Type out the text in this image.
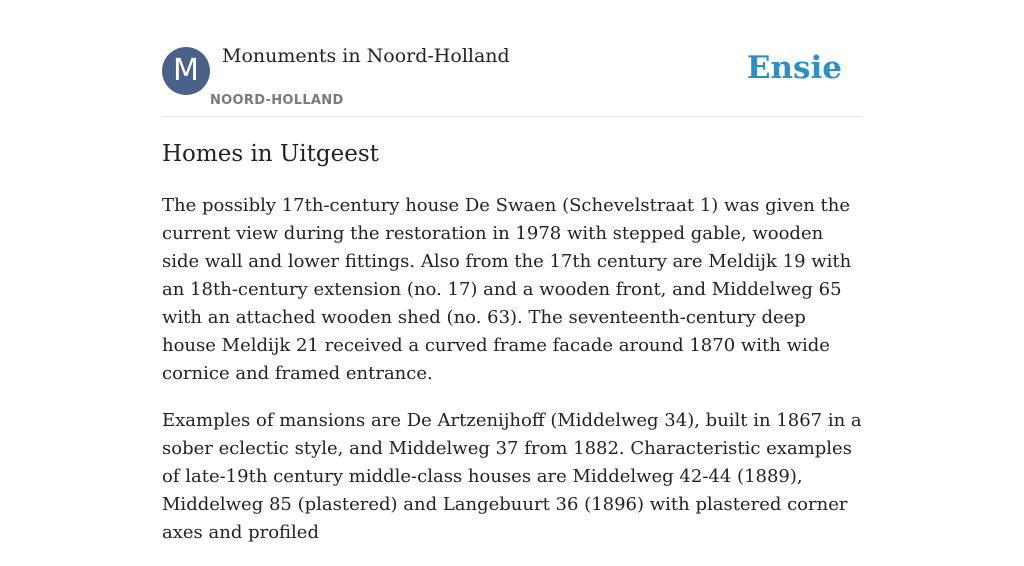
M	Monuments in Noord-Holland
NOORD-HOLLAND
Ensie
Homes in Uitgeest

The possibly 17th-century house De Swaen (Schevelstraat 1) was given the current view during the restoration in 1978 with stepped gable, wooden side wall and lower fittings. Also from the 17th century are Meldijk 19 with an 18th-century extension (no. 17) and a wooden front, and Middelweg 65 with an attached wooden shed (no. 63). The seventeenth-century deep house Meldijk 21 received a curved frame facade around 1870 with wide cornice and framed entrance.

Examples of mansions are De Artzenijhoff (Middelweg 34), built in 1867 in a sober eclectic style, and Middelweg 37 from 1882. Characteristic examples of late-19th century middle-class houses are Middelweg 42-44 (1889), Middelweg 85 (plastered) and Langebuurt 36 (1896) with plastered corner axes and profiled
